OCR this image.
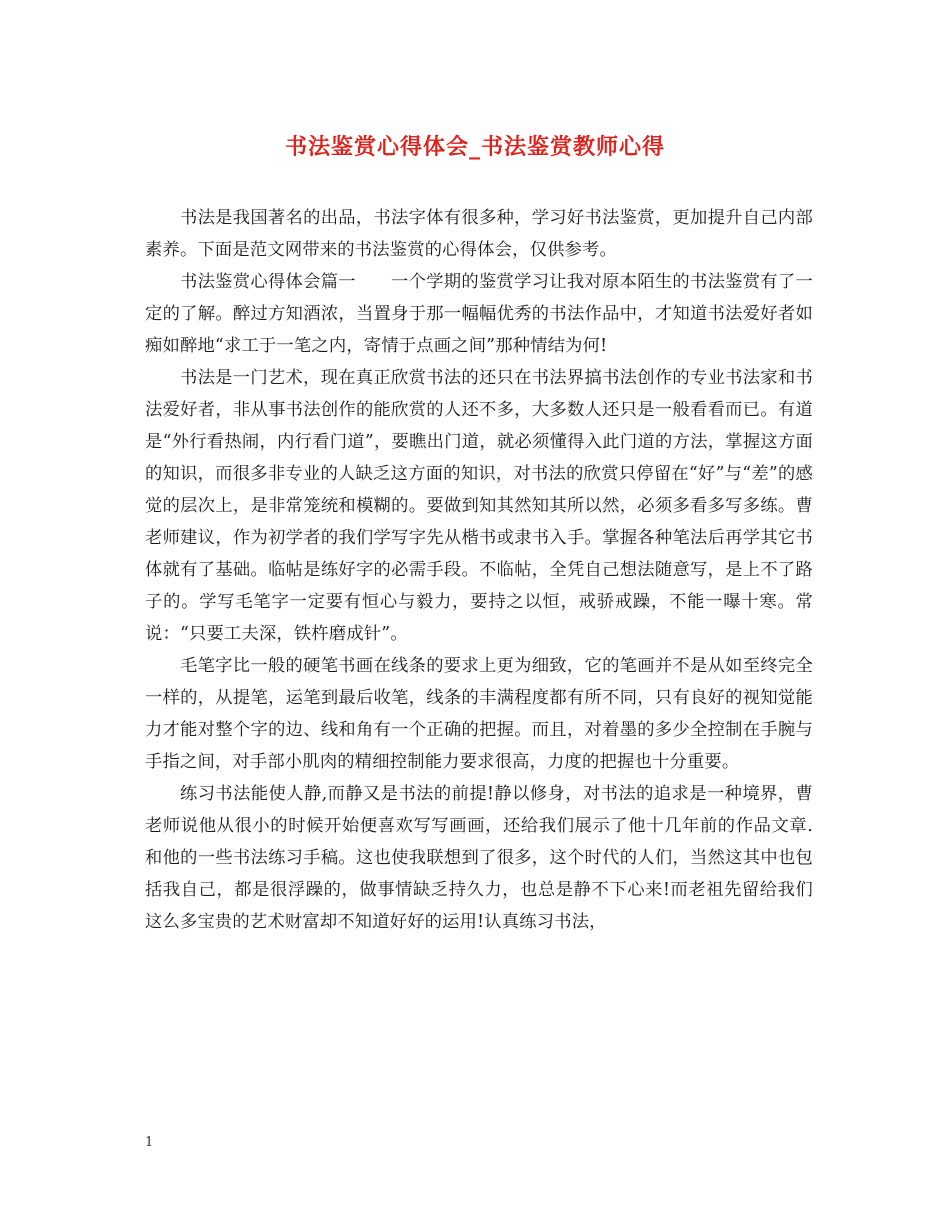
书法鉴赏心得体会_书法鉴赏教师心得

书法是我国著名的出品，书法字体有很多种，学习好书法鉴赏，更加提升自己内部素养。下面是范文网带来的书法鉴赏的心得体会，仅供参考。

书法鉴赏心得体会篇一　　一个学期的鉴赏学习让我对原本陌生的书法鉴赏有了一定的了解。醉过方知酒浓，当置身于那一幅幅优秀的书法作品中，才知道书法爱好者如痴如醉地“求工于一笔之内，寄情于点画之间”那种情结为何!

书法是一门艺术，现在真正欣赏书法的还只在书法界搞书法创作的专业书法家和书法爱好者，非从事书法创作的能欣赏的人还不多，大多数人还只是一般看看而已。有道是“外行看热闹，内行看门道”，要瞧出门道，就必须懂得入此门道的方法，掌握这方面的知识，而很多非专业的人缺乏这方面的知识，对书法的欣赏只停留在“好”与“差”的感觉的层次上，是非常笼统和模糊的。要做到知其然知其所以然，必须多看多写多练。曹老师建议，作为初学者的我们学写字先从楷书或隶书入手。掌握各种笔法后再学其它书体就有了基础。临帖是练好字的必需手段。不临帖，全凭自己想法随意写，是上不了路子的。学写毛笔字一定要有恒心与毅力，要持之以恒，戒骄戒躁，不能一曝十寒。常说：“只要工夫深，铁杵磨成针”。

毛笔字比一般的硬笔书画在线条的要求上更为细致，它的笔画并不是从如至终完全一样的，从提笔，运笔到最后收笔，线条的丰满程度都有所不同，只有良好的视知觉能力才能对整个字的边、线和角有一个正确的把握。而且，对着墨的多少全控制在手腕与手指之间，对手部小肌肉的精细控制能力要求很高，力度的把握也十分重要。

练习书法能使人静,而静又是书法的前提!静以修身，对书法的追求是一种境界，曹老师说他从很小的时候开始便喜欢写写画画，还给我们展示了他十几年前的作品文章.和他的一些书法练习手稿。这也使我联想到了很多，这个时代的人们，当然这其中也包括我自己，都是很浮躁的，做事情缺乏持久力，也总是静不下心来!而老祖先留给我们这么多宝贵的艺术财富却不知道好好的运用!认真练习书法，

1
